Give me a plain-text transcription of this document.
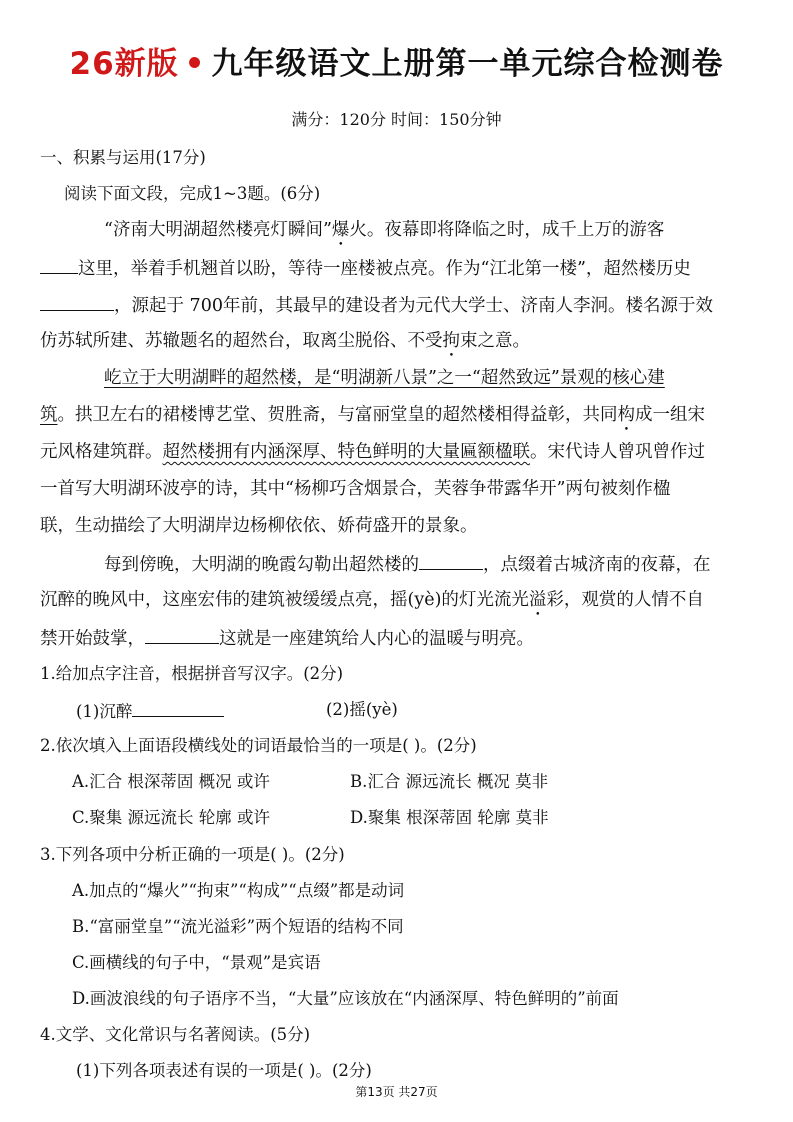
26新版 • 九年级语文上册第一单元综合检测卷
满分：120分 时间：150分钟
一、积累与运用(17分)
阅读下面文段，完成1~3题。(6分)
“济南大明湖超然楼亮灯瞬间”爆火。夜幕即将降临之时，成千上万的游客
这里，举着手机翘首以盼，等待一座楼被点亮。作为“江北第一楼”，超然楼历史
，源起于 700年前，其最早的建设者为元代大学士、济南人李泂。楼名源于效
仿苏轼所建、苏辙题名的超然台，取离尘脱俗、不受拘束之意。
屹立于大明湖畔的超然楼，是“明湖新八景”之一“超然致远”景观的核心建
筑。拱卫左右的裙楼博艺堂、贺胜斋，与富丽堂皇的超然楼相得益彰，共同构成一组宋
元风格建筑群。超然楼拥有内涵深厚、特色鲜明的大量匾额楹联。宋代诗人曾巩曾作过
一首写大明湖环波亭的诗，其中“杨柳巧含烟景合，芙蓉争带露华开”两句被刻作楹
联，生动描绘了大明湖岸边杨柳依依、娇荷盛开的景象。
每到傍晚，大明湖的晚霞勾勒出超然楼的	，点缀着古城济南的夜幕，在
沉醉的晚风中，这座宏伟的建筑被缓缓点亮，摇(yè)的灯光流光溢彩，观赏的人情不自
禁开始鼓掌，	这就是一座建筑给人内心的温暖与明亮。
1.给加点字注音，根据拼音写汉字。(2分)
(1)沉醉	(2)摇(yè)
2.依次填入上面语段横线处的词语最恰当的一项是( )。(2分)
A.汇合 根深蒂固 概况 或许	B.汇合 源远流长 概况 莫非
C.聚集 源远流长 轮廓 或许	D.聚集 根深蒂固 轮廓 莫非
3.下列各项中分析正确的一项是( )。(2分)
A.加点的“爆火”“拘束”“构成”“点缀”都是动词
B.“富丽堂皇”“流光溢彩”两个短语的结构不同
C.画横线的句子中，“景观”是宾语
D.画波浪线的句子语序不当，“大量”应该放在“内涵深厚、特色鲜明的”前面
4.文学、文化常识与名著阅读。(5分)
(1)下列各项表述有误的一项是( )。(2分)
第13页 共27页
